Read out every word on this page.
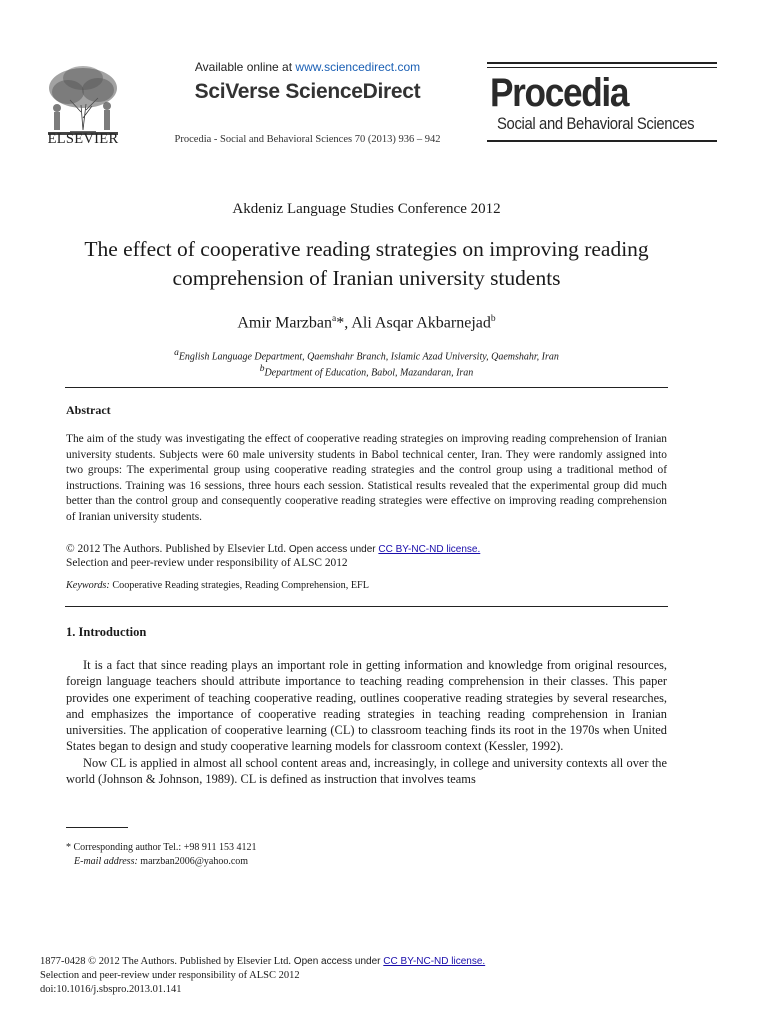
ELSEVIER
Available online at www.sciencedirect.com
SciVerse ScienceDirect
Procedia - Social and Behavioral Sciences 70 (2013) 936 – 942
Procedia
Social and Behavioral Sciences
Akdeniz Language Studies Conference 2012
The effect of cooperative reading strategies on improving reading comprehension of Iranian university students
Amir Marzban$^a$*, Ali Asqar Akbarnejad$^b$
$^a$English Language Department, Qaemshahr Branch, Islamic Azad University, Qaemshahr, Iran
$^b$Department of Education, Babol, Mazandaran, Iran
Abstract
The aim of the study was investigating the effect of cooperative reading strategies on improving reading comprehension of Iranian university students. Subjects were 60 male university students in Babol technical center, Iran. They were randomly assigned into two groups: The experimental group using cooperative reading strategies and the control group using a traditional method of instructions. Training was 16 sessions, three hours each session. Statistical results revealed that the experimental group did much better than the control group and consequently cooperative reading strategies were effective on improving reading comprehension of Iranian university students.
© 2012 The Authors. Published by Elsevier Ltd. Open access under CC BY-NC-ND license.
Selection and peer-review under responsibility of ALSC 2012
Keywords: Cooperative Reading strategies, Reading Comprehension, EFL
1. Introduction

It is a fact that since reading plays an important role in getting information and knowledge from original resources, foreign language teachers should attribute importance to teaching reading comprehension in their classes. This paper provides one experiment of teaching cooperative reading, outlines cooperative reading strategies by several researches, and emphasizes the importance of cooperative reading strategies in teaching reading comprehension in Iranian universities. The application of cooperative learning (CL) to classroom teaching finds its root in the 1970s when United States began to design and study cooperative learning models for classroom context (Kessler, 1992).

Now CL is applied in almost all school content areas and, increasingly, in college and university contexts all over the world (Johnson & Johnson, 1989). CL is defined as instruction that involves teams

* Corresponding author Tel.: +98 911 153 4121
E-mail address: marzban2006@yahoo.com
1877-0428 © 2012 The Authors. Published by Elsevier Ltd. Open access under CC BY-NC-ND license.
Selection and peer-review under responsibility of ALSC 2012
doi:10.1016/j.sbspro.2013.01.141
